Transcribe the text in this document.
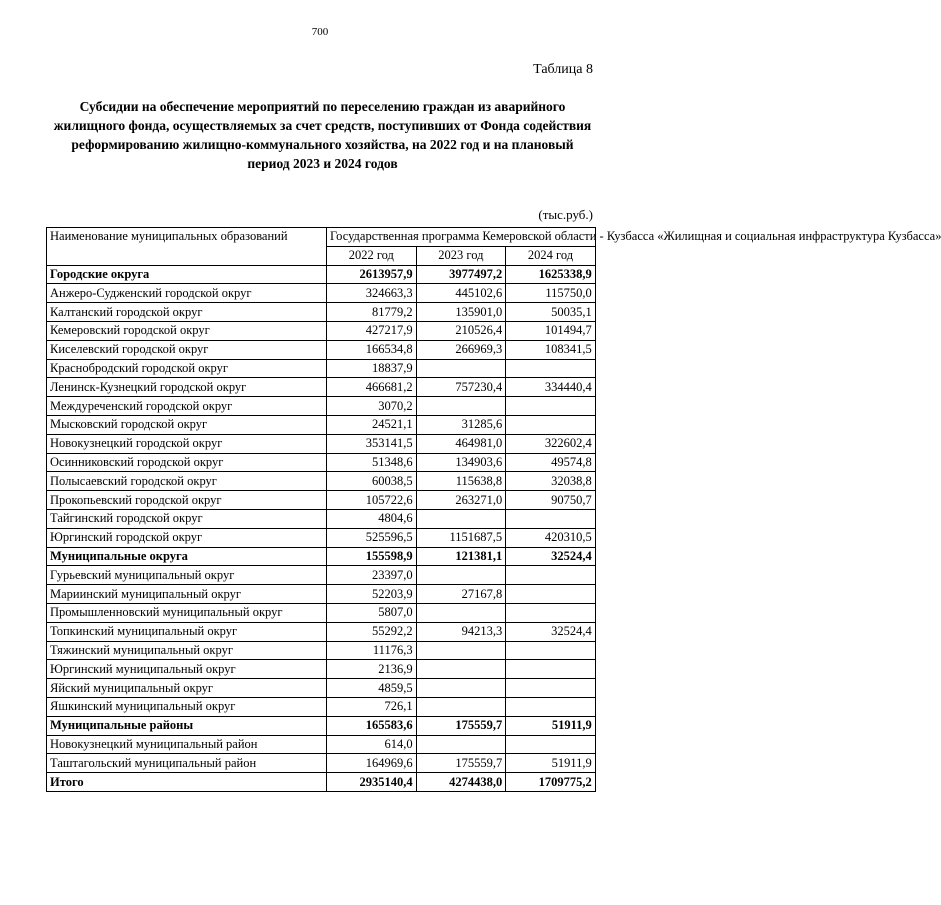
700
Таблица 8
Субсидии на обеспечение мероприятий по переселению граждан из аварийного жилищного фонда, осуществляемых за счет средств, поступивших от Фонда содействия реформированию жилищно-коммунального хозяйства, на 2022 год и на плановый период 2023 и 2024 годов
(тыс.руб.)
Наименование муниципальных образований	Государственная программа Кемеровской области - Кузбасса «Жилищная и социальная инфраструктура Кузбасса»		
	2022 год	2023 год	2024 год
Городские округа	2613957,9	3977497,2	1625338,9
Анжеро-Судженский городской округ	324663,3	445102,6	115750,0
Калтанский городской округ	81779,2	135901,0	50035,1
Кемеровский городской округ	427217,9	210526,4	101494,7
Киселевский городской округ	166534,8	266969,3	108341,5
Краснобродский городской округ	18837,9		
Ленинск-Кузнецкий городской округ	466681,2	757230,4	334440,4
Междуреченский городской округ	3070,2		
Мысковский городской округ	24521,1	31285,6	
Новокузнецкий городской округ	353141,5	464981,0	322602,4
Осинниковский городской округ	51348,6	134903,6	49574,8
Полысаевский городской округ	60038,5	115638,8	32038,8
Прокопьевский городской округ	105722,6	263271,0	90750,7
Тайгинский городской округ	4804,6		
Юргинский городской округ	525596,5	1151687,5	420310,5
Муниципальные округа	155598,9	121381,1	32524,4
Гурьевский муниципальный округ	23397,0		
Мариинский муниципальный округ	52203,9	27167,8	
Промышленновский муниципальный округ	5807,0		
Топкинский муниципальный округ	55292,2	94213,3	32524,4
Тяжинский муниципальный округ	11176,3		
Юргинский муниципальный округ	2136,9		
Яйский муниципальный округ	4859,5		
Яшкинский муниципальный округ	726,1		
Муниципальные районы	165583,6	175559,7	51911,9
Новокузнецкий муниципальный район	614,0		
Таштагольский муниципальный район	164969,6	175559,7	51911,9
Итого	2935140,4	4274438,0	1709775,2
